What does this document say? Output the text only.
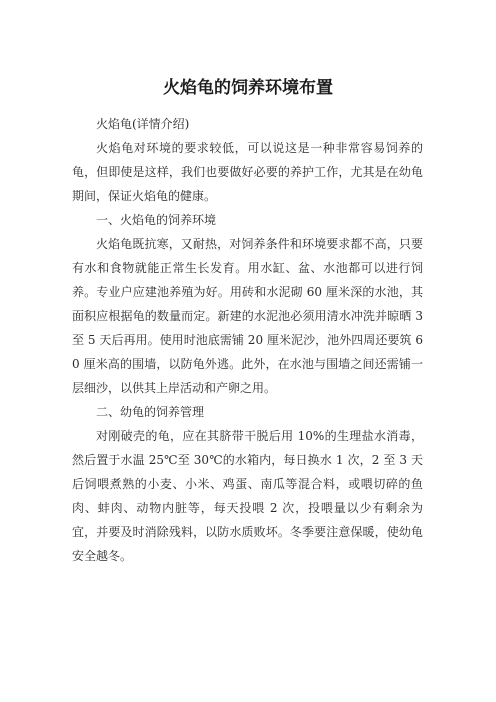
火焰龟的饲养环境布置

火焰龟(详情介绍)

火焰龟对环境的要求较低，可以说这是一种非常容易饲养的龟，但即使是这样，我们也要做好必要的养护工作，尤其是在幼龟期间，保证火焰龟的健康。

一、火焰龟的饲养环境

火焰龟既抗寒，又耐热，对饲养条件和环境要求都不高，只要有水和食物就能正常生长发育。用水缸、盆、水池都可以进行饲养。专业户应建池养殖为好。用砖和水泥砌 60 厘米深的水池，其面积应根据龟的数量而定。新建的水泥池必须用清水冲洗并晾晒 3 至 5 天后再用。使用时池底需铺 20 厘米泥沙，池外四周还要筑 60 厘米高的围墙，以防龟外逃。此外，在水池与围墙之间还需铺一层细沙，以供其上岸活动和产卵之用。

二、幼龟的饲养管理

对刚破壳的龟，应在其脐带干脱后用 10%的生理盐水消毒，然后置于水温 25℃至 30℃的水箱内，每日换水 1 次，2 至 3 天后饲喂煮熟的小麦、小米、鸡蛋、南瓜等混合料，或喂切碎的鱼肉、蚌肉、动物内脏等，每天投喂 2 次，投喂量以少有剩余为宜，并要及时消除残料，以防水质败坏。冬季要注意保暖，使幼龟安全越冬。
